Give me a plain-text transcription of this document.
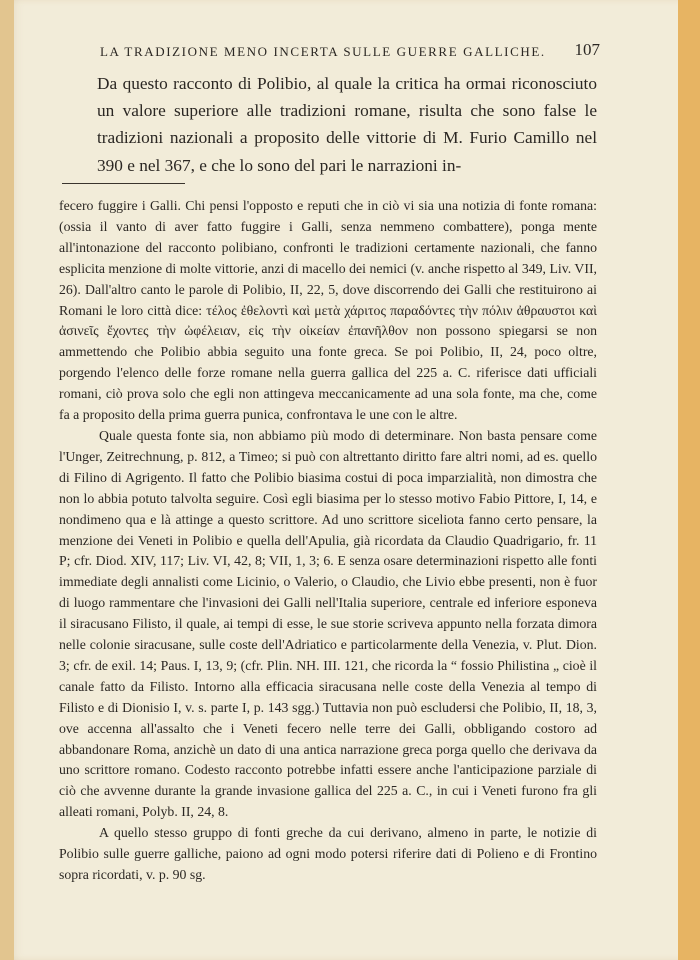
LA TRADIZIONE MENO INCERTA SULLE GUERRE GALLICHE. 107

Da questo racconto di Polibio, al quale la critica ha ormai riconosciuto un valore superiore alle tradizioni romane, risulta che sono false le tradizioni nazionali a proposito delle vittorie di M. Furio Camillo nel 390 e nel 367, e che lo sono del pari le narrazioni in-

fecero fuggire i Galli. Chi pensi l'opposto e reputi che in ciò vi sia una notizia di fonte romana: (ossia il vanto di aver fatto fuggire i Galli, senza nemmeno combattere), ponga mente all'intonazione del racconto polibiano, confronti le tradizioni certamente nazionali, che fanno esplicita menzione di molte vittorie, anzi di macello dei nemici (v. anche rispetto al 349, Liv. VII, 26). Dall'altro canto le parole di Polibio, II, 22, 5, dove discorrendo dei Galli che restituirono ai Romani le loro città dice: τέλος ἐθελοντὶ καὶ μετὰ χάριτος παραδόντες τὴν πόλιν ἀθραυστοι καὶ ἀσινεῖς ἔχοντες τὴν ὠφέλειαν, εἰς τὴν οἰκείαν ἐπανῆλθον non possono spiegarsi se non ammettendo che Polibio abbia seguito una fonte greca. Se poi Polibio, II, 24, poco oltre, porgendo l'elenco delle forze romane nella guerra gallica del 225 a. C. riferisce dati ufficiali romani, ciò prova solo che egli non attingeva meccanicamente ad una sola fonte, ma che, come fa a proposito della prima guerra punica, confrontava le une con le altre.

Quale questa fonte sia, non abbiamo più modo di determinare. Non basta pensare come l'Unger, Zeitrechnung, p. 812, a Timeo; si può con altrettanto diritto fare altri nomi, ad es. quello di Filino di Agrigento. Il fatto che Polibio biasima costui di poca imparzialità, non dimostra che non lo abbia potuto talvolta seguire. Così egli biasima per lo stesso motivo Fabio Pittore, I, 14, e nondimeno qua e là attinge a questo scrittore. Ad uno scrittore siceliota fanno certo pensare, la menzione dei Veneti in Polibio e quella dell'Apulia, già ricordata da Claudio Quadrigario, fr. 11 P; cfr. Diod. XIV, 117; Liv. VI, 42, 8; VII, 1, 3; 6. E senza osare determinazioni rispetto alle fonti immediate degli annalisti come Licinio, o Valerio, o Claudio, che Livio ebbe presenti, non è fuor di luogo rammentare che l'invasioni dei Galli nell'Italia superiore, centrale ed inferiore esponeva il siracusano Filisto, il quale, ai tempi di esse, le sue storie scriveva appunto nella forzata dimora nelle colonie siracusane, sulle coste dell'Adriatico e particolarmente della Venezia, v. Plut. Dion. 3; cfr. de exil. 14; Paus. I, 13, 9; (cfr. Plin. NH. III. 121, che ricorda la “ fossio Philistina „ cioè il canale fatto da Filisto. Intorno alla efficacia siracusana nelle coste della Venezia al tempo di Filisto e di Dionisio I, v. s. parte I, p. 143 sgg.) Tuttavia non può escludersi che Polibio, II, 18, 3, ove accenna all'assalto che i Veneti fecero nelle terre dei Galli, obbligando costoro ad abbandonare Roma, anzichè un dato di una antica narrazione greca porga quello che derivava da uno scrittore romano. Codesto racconto potrebbe infatti essere anche l'anticipazione parziale di ciò che avvenne durante la grande invasione gallica del 225 a. C., in cui i Veneti furono fra gli alleati romani, Polyb. II, 24, 8.

A quello stesso gruppo di fonti greche da cui derivano, almeno in parte, le notizie di Polibio sulle guerre galliche, paiono ad ogni modo potersi riferire dati di Polieno e di Frontino sopra ricordati, v. p. 90 sg.
